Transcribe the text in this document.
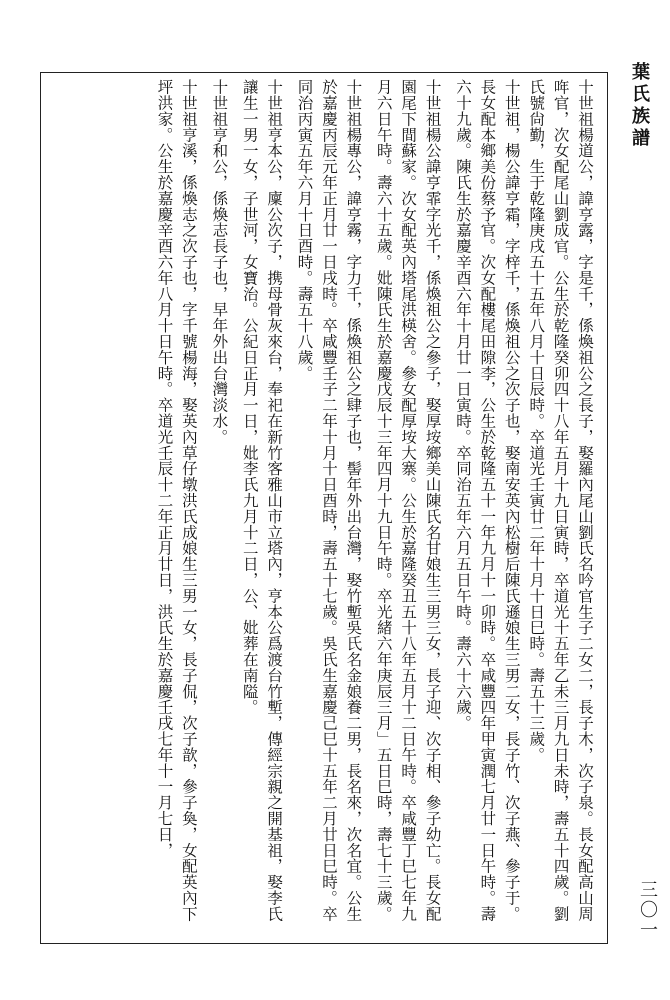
葉氏族譜

十世祖楊道公，諱亨露，字是千，係煥祖公之長子，娶羅內尾山劉氏名吟官生子二女二，長子木，次子泉。長女配高山周哖官，次女配尾山劉成官。公生於乾隆癸卯四十八年五月十九日寅時，卒道光十五年乙未三月九日未時，壽五十四歲。劉氏號尙勤，生于乾隆庚戌五十五年八月十日辰時。卒道光壬寅廿二年十月十日巳時。壽五十三歲。

十世祖，楊公諱亨霜，字梓千，係煥祖公之次子也，娶南安英內松樹后陳氏遜娘生三男二女，長子竹、次子燕、參子于。長女配本鄉美份蔡予官。次女配樓尾田隙李，公生於乾隆五十一年九月十一卯時。卒咸豐四年甲寅潤七月廿一日午時。壽六十九歲。陳氏生於嘉慶辛酉六年十月廿一日寅時。卒同治五年六月五日午時。壽六十六歲。

十世祖楊公諱亨霏字光千，係煥祖公之參子，娶厚垵鄉美山陳氏名甘娘生三男三女，長子迎、次子相、參子幼亡。長女配園尾下間蘇家。次女配英內塔尾洪楧舍。參女配厚垵大寨。公生於嘉隆癸丑五十八年五月十二日午時。卒咸豐丁巳七年九月六日午時。壽六十五歲。妣陳氏生於嘉慶戊辰十三年四月十九日午時。卒光緒六年庚辰三月」五日巳時，壽七十三歲。

十世祖楊專公，諱亨霧，字力千，係煥祖公之肆子也，髻年外出台灣，娶竹塹吳氏名金娘養二男，長名來，次名宜。公生於嘉慶丙辰元年正月廿一日戌時。卒咸豐壬子二年十月十日酉時，壽五十七歲。吳氏生嘉慶己巳十五年二月廿日巳時。卒同治丙寅五年六月十日酉時。壽五十八歲。

十世祖亨本公，廩公次子，携母骨灰來台，奉祀在新竹客雅山市立塔內，亨本公爲渡台竹塹，傳經宗親之開基祖，娶李氏讓生一男一女，子世河，女寶治。公紀日正月一日，妣李氏九月十二日，公、妣葬在南隘。

十世祖亨和公，係煥志長子也，早年外出台灣淡水。

十世祖亨溪，係煥志之次子也，字千號楊海，娶英內草仔墩洪氏成娘生三男一女，長子侃，次子歆，參子奐，女配英內下坪洪家。公生於嘉慶辛酉六年八月十日午時。卒道光壬辰十二年正月廿日，洪氏生於嘉慶壬戌七年十一月七日，

三〇一
